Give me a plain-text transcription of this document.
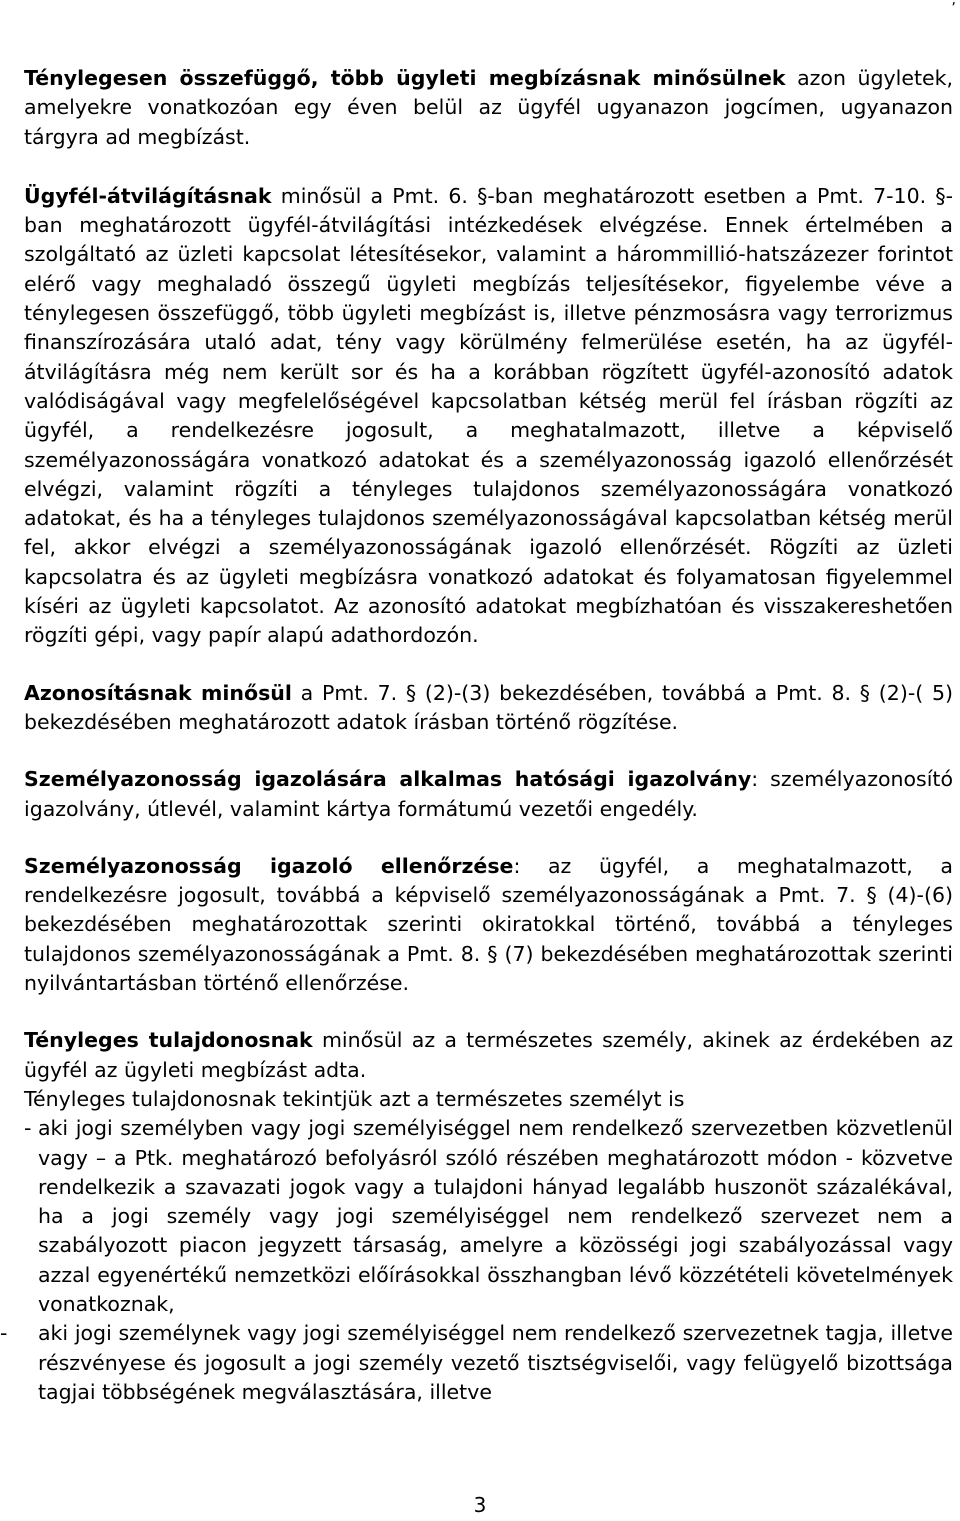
,

Ténylegesen összefüggő, több ügyleti megbízásnak minősülnek azon ügyletek, amelyekre vonatkozóan egy éven belül az ügyfél ugyanazon jogcímen, ugyanazon tárgyra ad megbízást.

Ügyfél-átvilágításnak minősül a Pmt. 6. §-ban meghatározott esetben a Pmt. 7-10. §-ban meghatározott ügyfél-átvilágítási intézkedések elvégzése. Ennek értelmében a szolgáltató az üzleti kapcsolat létesítésekor, valamint a hárommillió-hatszázezer forintot elérő vagy meghaladó összegű ügyleti megbízás teljesítésekor, figyelembe véve a ténylegesen összefüggő, több ügyleti megbízást is, illetve pénzmosásra vagy terrorizmus finanszírozására utaló adat, tény vagy körülmény felmerülése esetén, ha az ügyfél-átvilágításra még nem került sor és ha a korábban rögzített ügyfél-azonosító adatok valódiságával vagy megfelelőségével kapcsolatban kétség merül fel írásban rögzíti az ügyfél, a rendelkezésre jogosult, a meghatalmazott, illetve a képviselő személyazonosságára vonatkozó adatokat és a személyazonosság igazoló ellenőrzését elvégzi, valamint rögzíti a tényleges tulajdonos személyazonosságára vonatkozó adatokat, és ha a tényleges tulajdonos személyazonosságával kapcsolatban kétség merül fel, akkor elvégzi a személyazonosságának igazoló ellenőrzését. Rögzíti az üzleti kapcsolatra és az ügyleti megbízásra vonatkozó adatokat és folyamatosan figyelemmel kíséri az ügyleti kapcsolatot. Az azonosító adatokat megbízhatóan és visszakereshetően rögzíti gépi, vagy papír alapú adathordozón.

Azonosításnak minősül a Pmt. 7. § (2)-(3) bekezdésében, továbbá a Pmt. 8. § (2)-( 5) bekezdésében meghatározott adatok írásban történő rögzítése.

Személyazonosság igazolására alkalmas hatósági igazolvány: személyazonosító igazolvány, útlevél, valamint kártya formátumú vezetői engedély.

Személyazonosság igazoló ellenőrzése: az ügyfél, a meghatalmazott, a rendelkezésre jogosult, továbbá a képviselő személyazonosságának a Pmt. 7. § (4)-(6) bekezdésében meghatározottak szerinti okiratokkal történő, továbbá a tényleges tulajdonos személyazonosságának a Pmt. 8. § (7) bekezdésében meghatározottak szerinti nyilvántartásban történő ellenőrzése.

Tényleges tulajdonosnak minősül az a természetes személy, akinek az érdekében az ügyfél az ügyleti megbízást adta.

Tényleges tulajdonosnak tekintjük azt a természetes személyt is

- aki jogi személyben vagy jogi személyiséggel nem rendelkező szervezetben közvetlenül vagy – a Ptk. meghatározó befolyásról szóló részében meghatározott módon - közvetve rendelkezik a szavazati jogok vagy a tulajdoni hányad legalább huszonöt százalékával, ha a jogi személy vagy jogi személyiséggel nem rendelkező szervezet nem a szabályozott piacon jegyzett társaság, amelyre a közösségi jogi szabályozással vagy azzal egyenértékű nemzetközi előírásokkal összhangban lévő közzétételi követelmények vonatkoznak,

- aki jogi személynek vagy jogi személyiséggel nem rendelkező szervezetnek tagja, illetve részvényese és jogosult a jogi személy vezető tisztségviselői, vagy felügyelő bizottsága tagjai többségének megválasztására, illetve

3
